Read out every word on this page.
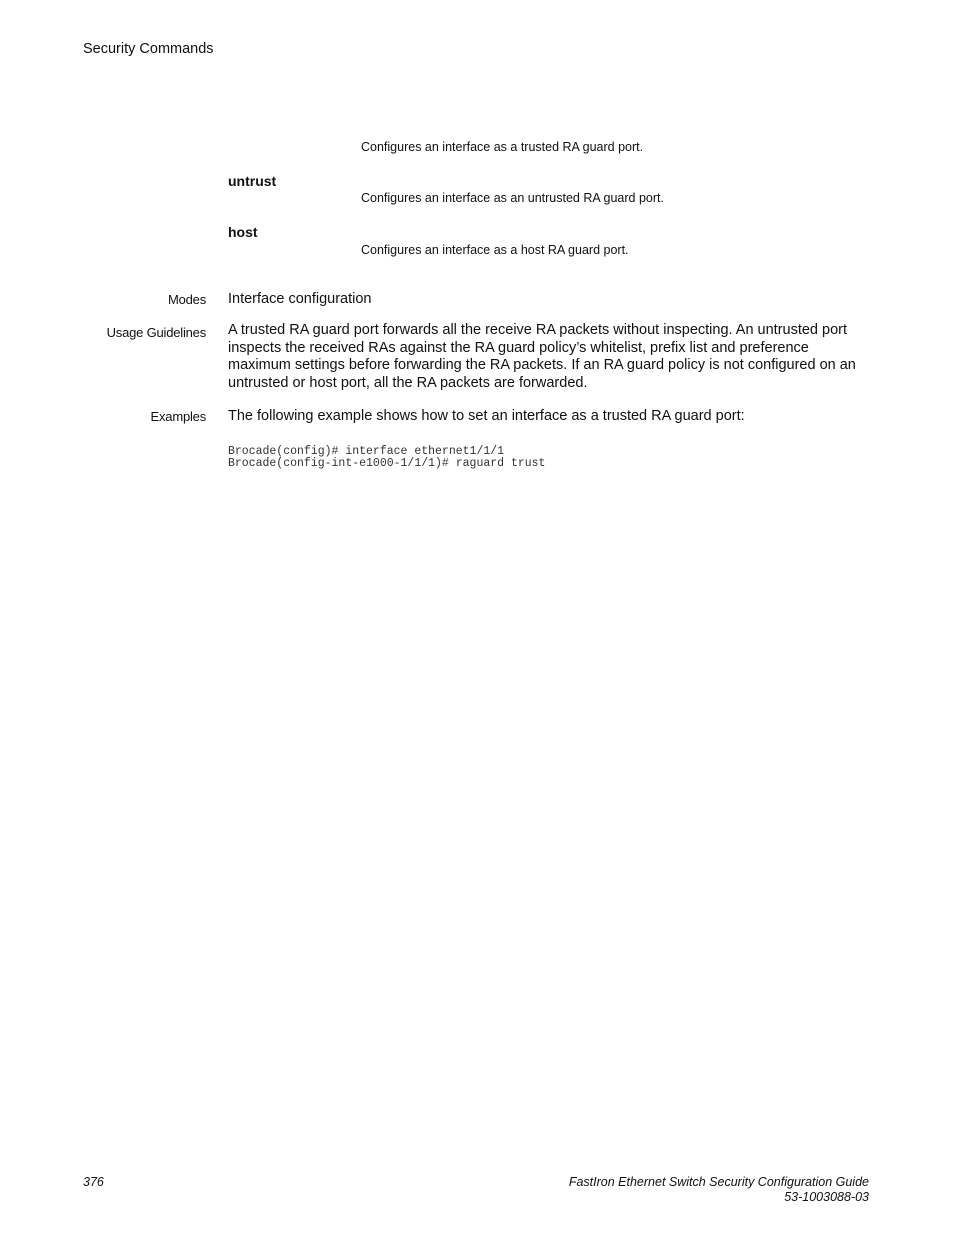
Security Commands
Configures an interface as a trusted RA guard port.
untrust
Configures an interface as an untrusted RA guard port.
host
Configures an interface as a host RA guard port.
Modes Interface configuration
Usage Guidelines A trusted RA guard port forwards all the receive RA packets without inspecting. An untrusted port inspects the received RAs against the RA guard policy’s whitelist, prefix list and preference maximum settings before forwarding the RA packets. If an RA guard policy is not configured on an untrusted or host port, all the RA packets are forwarded.
Examples The following example shows how to set an interface as a trusted RA guard port:
Brocade(config)# interface ethernet1/1/1
Brocade(config-int-e1000-1/1/1)# raguard trust
376	FastIron Ethernet Switch Security Configuration Guide
53-1003088-03
